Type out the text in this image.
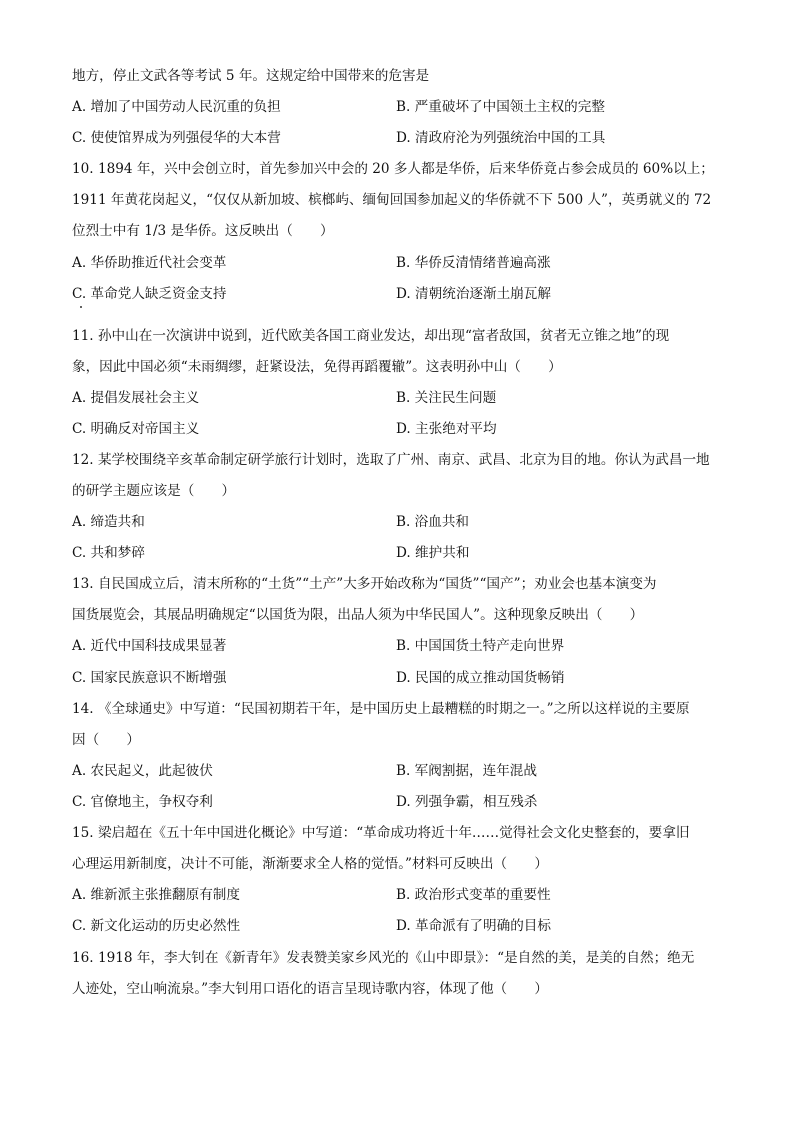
地方，停止文武各等考试 5 年。这规定给中国带来的危害是
A. 增加了中国劳动人民沉重的负担	B. 严重破坏了中国领土主权的完整
C. 使使馆界成为列强侵华的大本营	D. 清政府沦为列强统治中国的工具
10. 1894 年，兴中会创立时，首先参加兴中会的 20 多人都是华侨，后来华侨竟占参会成员的 60%以上；
1911 年黄花岗起义，“仅仅从新加坡、槟榔屿、缅甸回国参加起义的华侨就不下 500 人”，英勇就义的 72
位烈士中有 1/3 是华侨。这反映出（　　）
A. 华侨助推近代社会变革	B. 华侨反清情绪普遍高涨
C. 革命党人缺乏资金支持	D. 清朝统治逐渐土崩瓦解
11. 孙中山在一次演讲中说到，近代欧美各国工商业发达，却出现“富者敌国，贫者无立锥之地”的现
象，因此中国必须“未雨绸缪，赶紧设法，免得再蹈覆辙”。这表明孙中山（　　）
A. 提倡发展社会主义	B. 关注民生问题
C. 明确反对帝国主义	D. 主张绝对平均
12. 某学校围绕辛亥革命制定研学旅行计划时，选取了广州、南京、武昌、北京为目的地。你认为武昌一地
的研学主题应该是（　　）
A. 缔造共和	B. 浴血共和
C. 共和梦碎	D. 维护共和
13. 自民国成立后，清末所称的“土货”“土产”大多开始改称为“国货”“国产”；劝业会也基本演变为
国货展览会，其展品明确规定“以国货为限，出品人须为中华民国人”。这种现象反映出（　　）
A. 近代中国科技成果显著	B. 中国国货土特产走向世界
C. 国家民族意识不断增强	D. 民国的成立推动国货畅销
14. 《全球通史》中写道：“民国初期若干年，是中国历史上最糟糕的时期之一。”之所以这样说的主要原
因（　　）
A. 农民起义，此起彼伏	B. 军阀割据，连年混战
C. 官僚地主，争权夺利	D. 列强争霸，相互残杀
15. 梁启超在《五十年中国进化概论》中写道：“革命成功将近十年……觉得社会文化史整套的，要拿旧
心理运用新制度，决计不可能，渐渐要求全人格的觉悟。”材料可反映出（　　）
A. 维新派主张推翻原有制度	B. 政治形式变革的重要性
C. 新文化运动的历史必然性	D. 革命派有了明确的目标
16. 1918 年，李大钊在《新青年》发表赞美家乡风光的《山中即景》：“是自然的美，是美的自然；绝无
人迹处，空山响流泉。”李大钊用口语化的语言呈现诗歌内容，体现了他（　　）
